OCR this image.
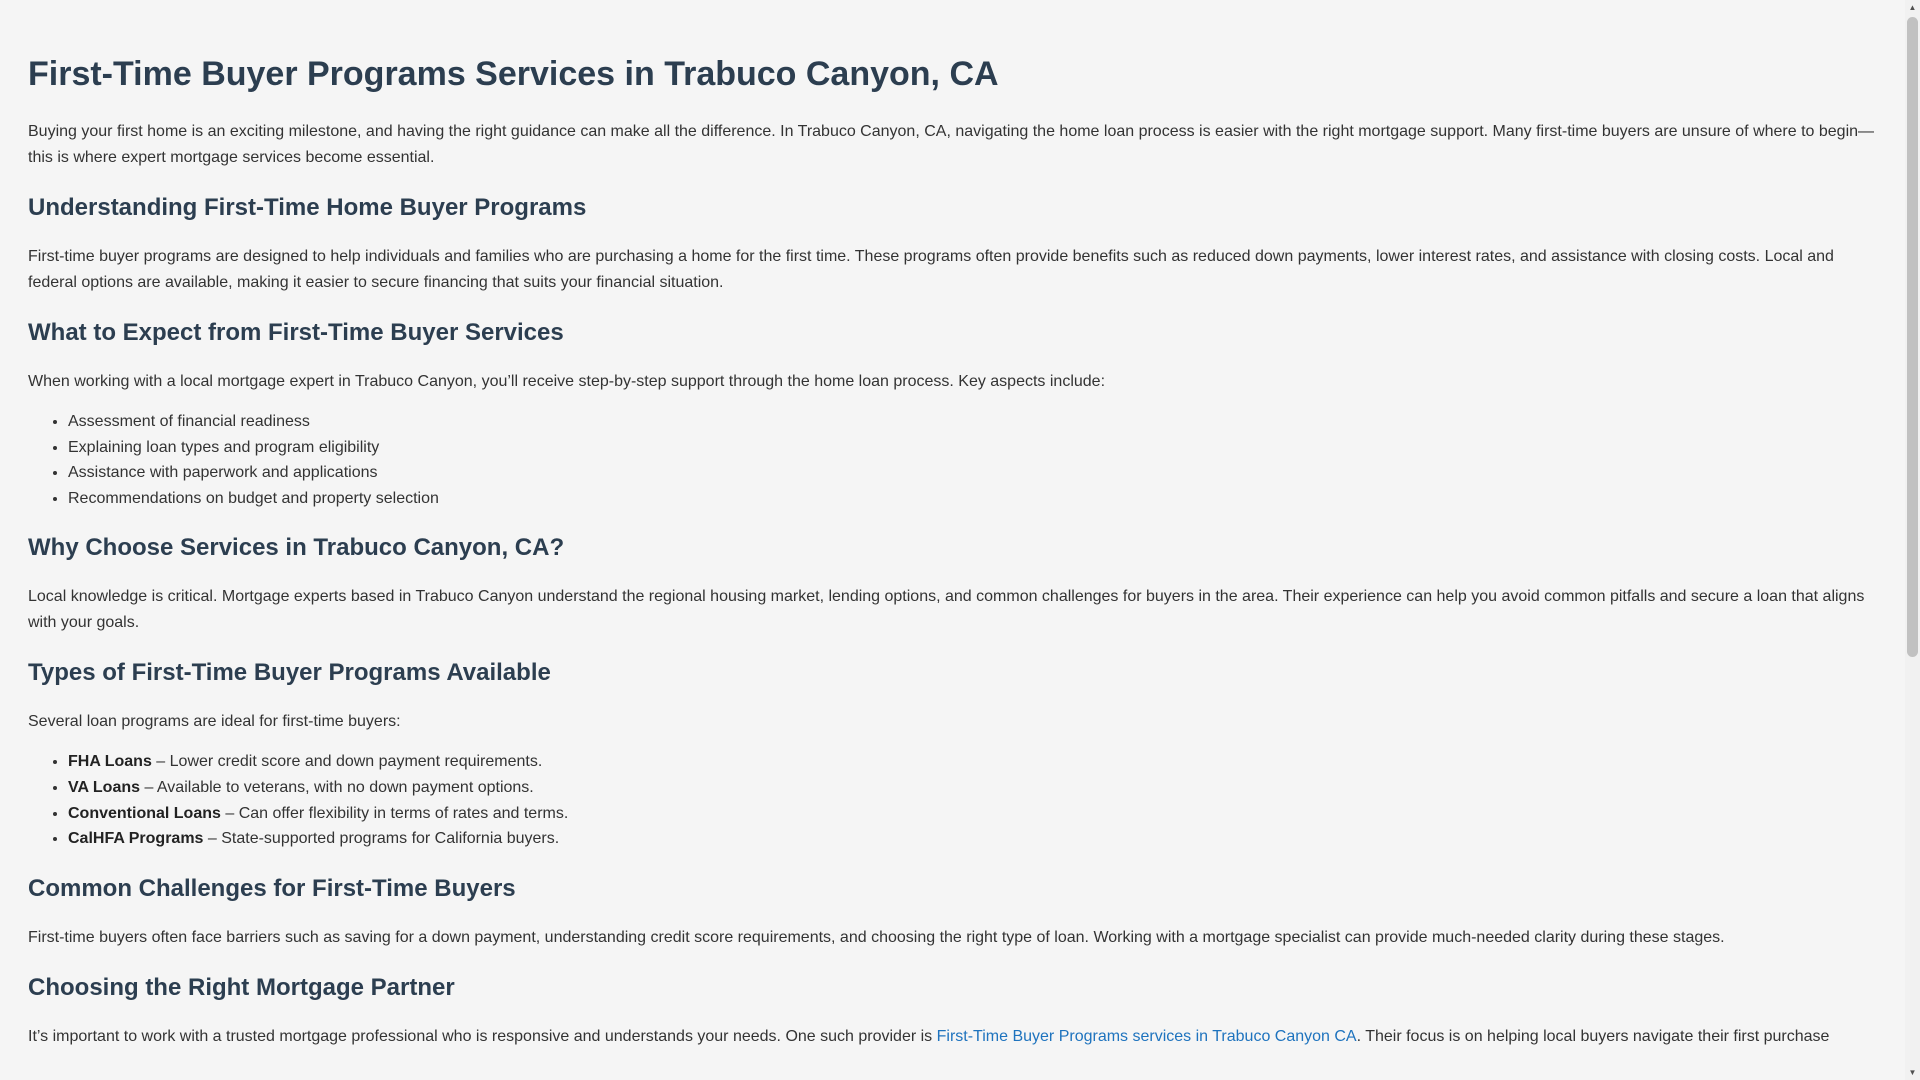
First-Time Buyer Programs Services in Trabuco Canyon, CA

Buying your first home is an exciting milestone, and having the right guidance can make all the difference. In Trabuco Canyon, CA, navigating the home loan process is easier with the right mortgage support. Many first-time buyers are unsure of where to begin—this is where expert mortgage services become essential.

Understanding First-Time Home Buyer Programs

First-time buyer programs are designed to help individuals and families who are purchasing a home for the first time. These programs often provide benefits such as reduced down payments, lower interest rates, and assistance with closing costs. Local and federal options are available, making it easier to secure financing that suits your financial situation.

What to Expect from First-Time Buyer Services

When working with a local mortgage expert in Trabuco Canyon, you’ll receive step-by-step support through the home loan process. Key aspects include:

• Assessment of financial readiness
• Explaining loan types and program eligibility
• Assistance with paperwork and applications
• Recommendations on budget and property selection
Why Choose Services in Trabuco Canyon, CA?

Local knowledge is critical. Mortgage experts based in Trabuco Canyon understand the regional housing market, lending options, and common challenges for buyers in the area. Their experience can help you avoid common pitfalls and secure a loan that aligns with your goals.

Types of First-Time Buyer Programs Available

Several loan programs are ideal for first-time buyers:

• FHA Loans – Lower credit score and down payment requirements.
• VA Loans – Available to veterans, with no down payment options.
• Conventional Loans – Can offer flexibility in terms of rates and terms.
• CalHFA Programs – State-supported programs for California buyers.
Common Challenges for First-Time Buyers

First-time buyers often face barriers such as saving for a down payment, understanding credit score requirements, and choosing the right type of loan. Working with a mortgage specialist can provide much-needed clarity during these stages.

Choosing the Right Mortgage Partner

It’s important to work with a trusted mortgage professional who is responsive and understands your needs. One such provider is First-Time Buyer Programs services in Trabuco Canyon CA. Their focus is on helping local buyers navigate their first purchase

▲
▼
